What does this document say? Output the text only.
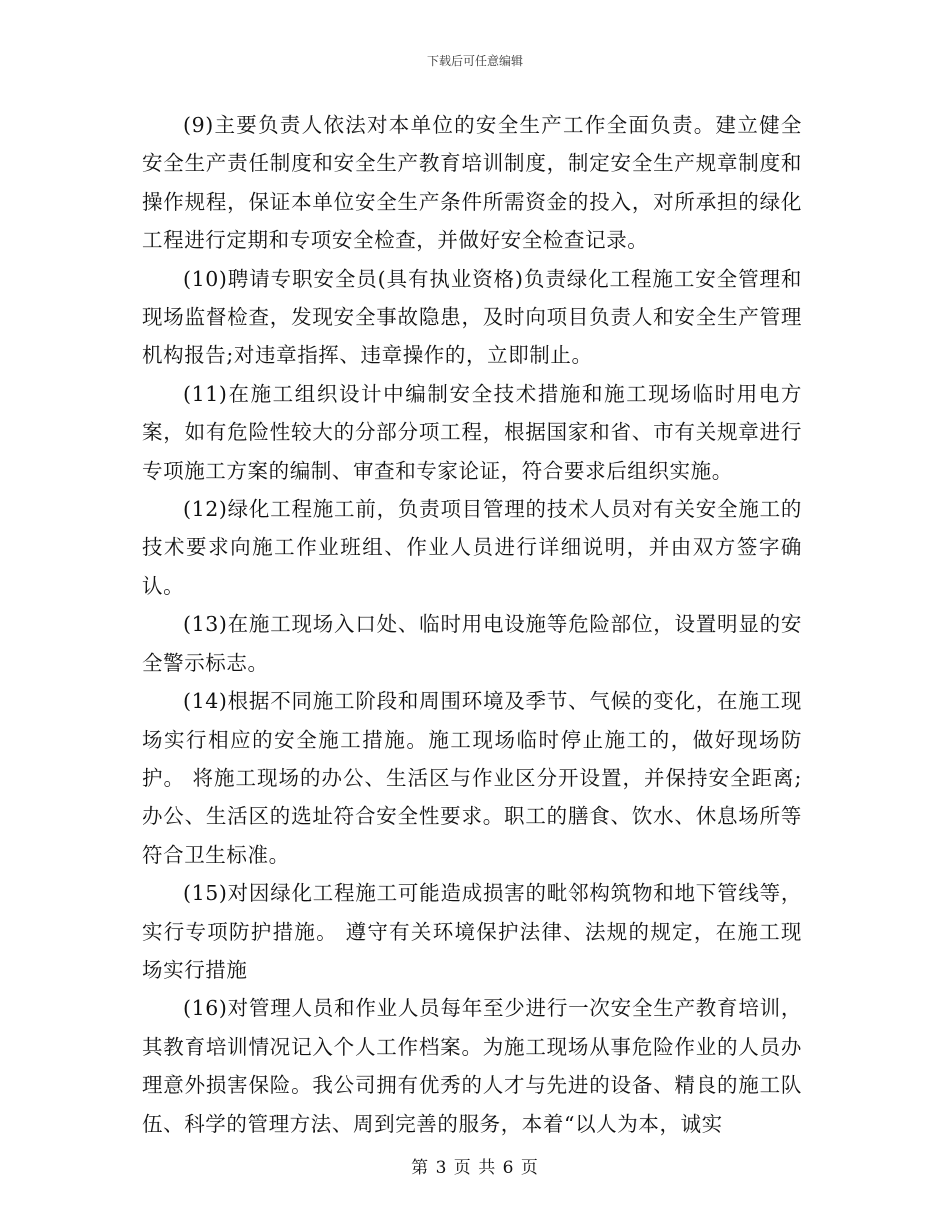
下载后可任意编辑

(9)主要负责人依法对本单位的安全生产工作全面负责。建立健全安全生产责任制度和安全生产教育培训制度，制定安全生产规章制度和操作规程，保证本单位安全生产条件所需资金的投入，对所承担的绿化工程进行定期和专项安全检查，并做好安全检查记录。

(10)聘请专职安全员(具有执业资格)负责绿化工程施工安全管理和现场监督检查，发现安全事故隐患，及时向项目负责人和安全生产管理机构报告;对违章指挥、违章操作的，立即制止。

(11)在施工组织设计中编制安全技术措施和施工现场临时用电方案，如有危险性较大的分部分项工程，根据国家和省、市有关规章进行专项施工方案的编制、审查和专家论证，符合要求后组织实施。

(12)绿化工程施工前，负责项目管理的技术人员对有关安全施工的技术要求向施工作业班组、作业人员进行详细说明，并由双方签字确认。

(13)在施工现场入口处、临时用电设施等危险部位，设置明显的安全警示标志。

(14)根据不同施工阶段和周围环境及季节、气候的变化，在施工现场实行相应的安全施工措施。施工现场临时停止施工的，做好现场防护。 将施工现场的办公、生活区与作业区分开设置，并保持安全距离;办公、生活区的选址符合安全性要求。职工的膳食、饮水、休息场所等符合卫生标准。

(15)对因绿化工程施工可能造成损害的毗邻构筑物和地下管线等，实行专项防护措施。 遵守有关环境保护法律、法规的规定，在施工现场实行措施

(16)对管理人员和作业人员每年至少进行一次安全生产教育培训，其教育培训情况记入个人工作档案。为施工现场从事危险作业的人员办理意外损害保险。我公司拥有优秀的人才与先进的设备、精良的施工队伍、科学的管理方法、周到完善的服务，本着“以人为本，诚实

第 3 页 共 6 页
